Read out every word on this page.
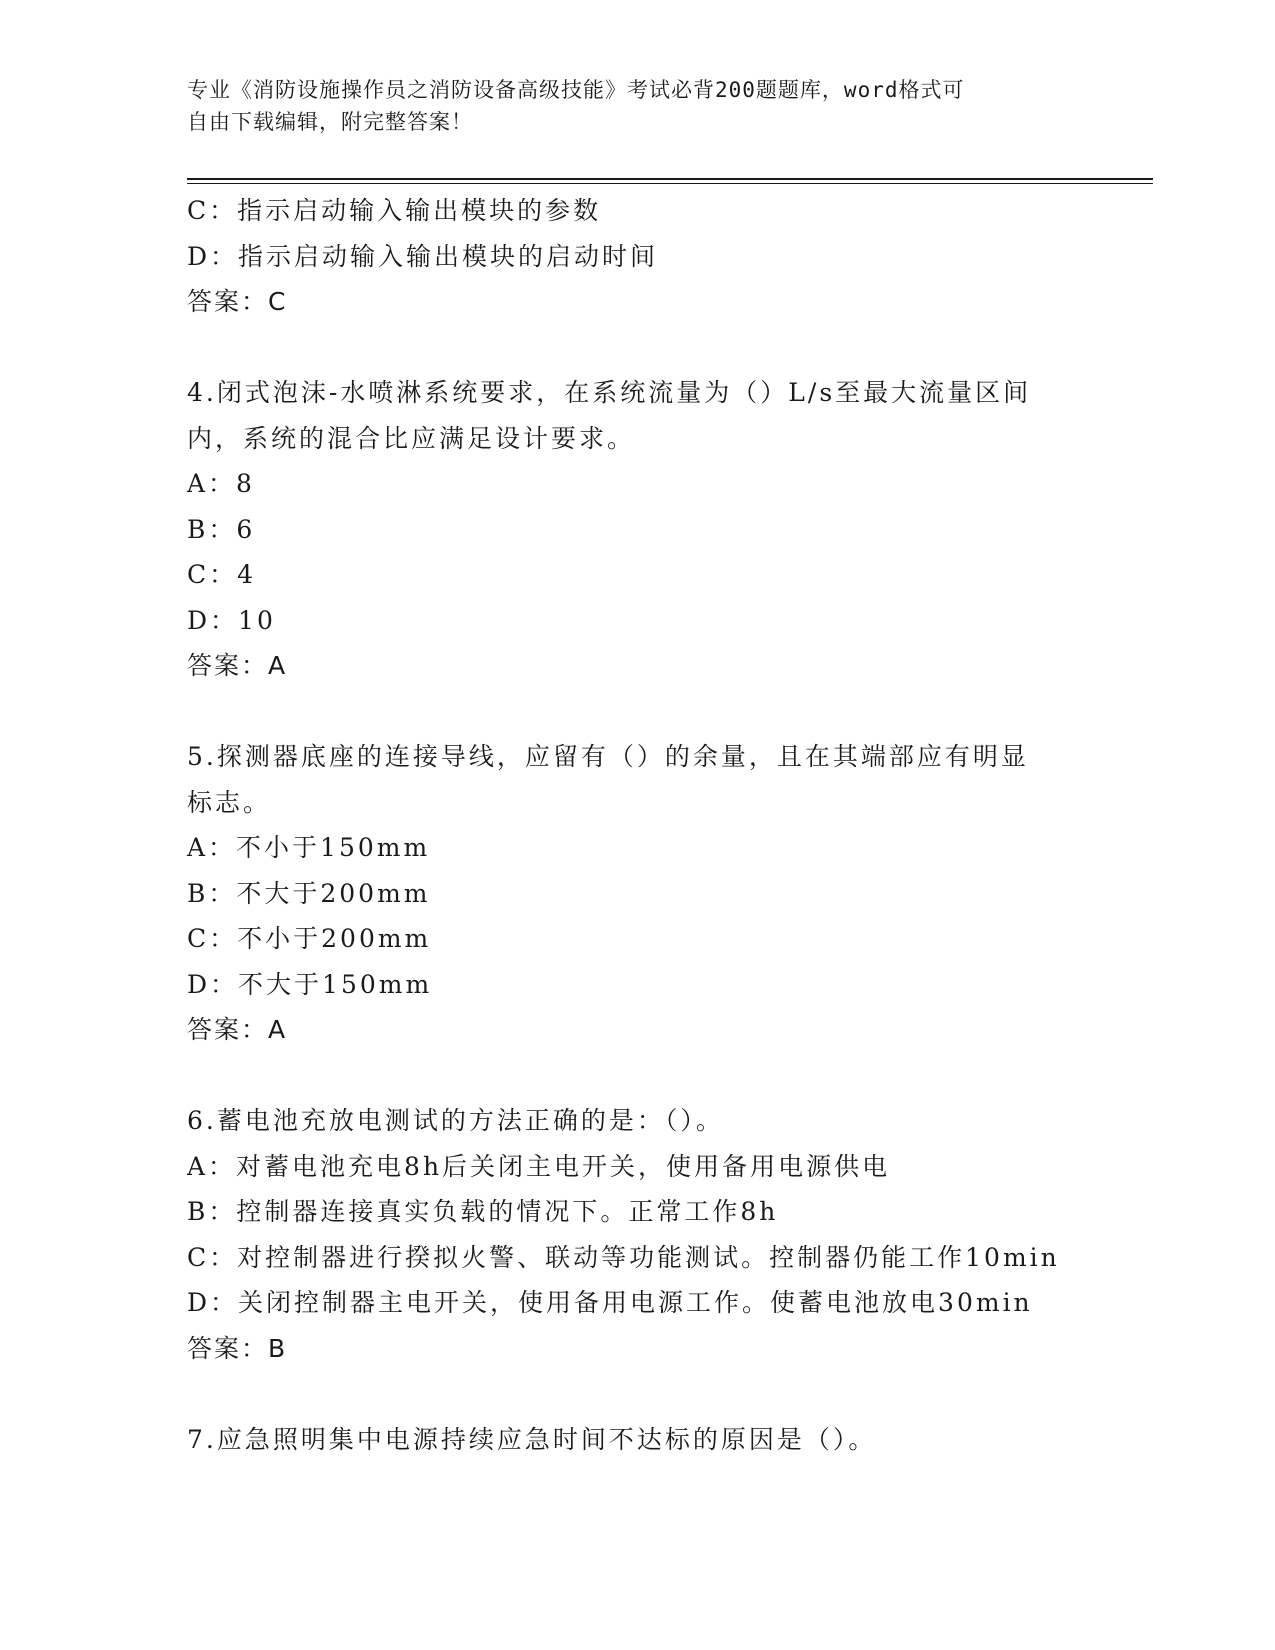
专业《消防设施操作员之消防设备高级技能》考试必背200题题库，word格式可
自由下载编辑，附完整答案！
C：指示启动输入输出模块的参数
D：指示启动输入输出模块的启动时间
答案：C
4.闭式泡沫-水喷淋系统要求，在系统流量为（）L/s至最大流量区间
内，系统的混合比应满足设计要求。
A：8
B：6
C：4
D：10
答案：A
5.探测器底座的连接导线，应留有（）的余量，且在其端部应有明显
标志。
A：不小于150mm
B：不大于200mm
C：不小于200mm
D：不大于150mm
答案：A
6.蓄电池充放电测试的方法正确的是：（）。
A：对蓄电池充电8h后关闭主电开关，使用备用电源供电
B：控制器连接真实负载的情况下。正常工作8h
C：对控制器进行揆拟火警、联动等功能测试。控制器仍能工作10min
D：关闭控制器主电开关，使用备用电源工作。使蓄电池放电30min
答案：B
7.应急照明集中电源持续应急时间不达标的原因是（）。
